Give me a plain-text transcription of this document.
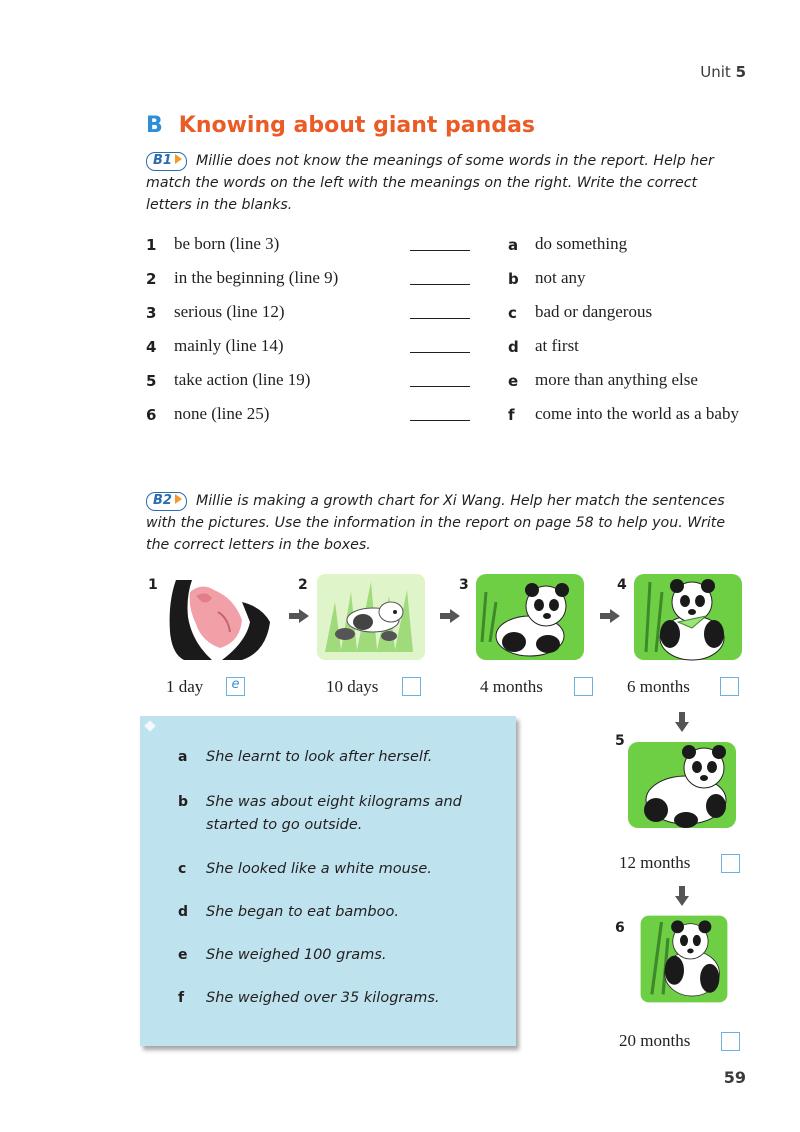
Unit 5
B Knowing about giant pandas
B1 Millie does not know the meanings of some words in the report. Help her match the words on the left with the meanings on the right. Write the correct letters in the blanks.
1 be born (line 3)	a do something
2 in the beginning (line 9)	b not any
3 serious (line 12)	c bad or dangerous
4 mainly (line 14)	d at first
5 take action (line 19)	e more than anything else
6 none (line 25)	f come into the world as a baby
B2 Millie is making a growth chart for Xi Wang. Help her match the sentences with the pictures. Use the information in the report on page 58 to help you. Write the correct letters in the boxes.
1	2	3	4
1 day	e	10 days	4 months	6 months
5
12 months
6
20 months
a She learnt to look after herself.
b She was about eight kilograms and started to go outside.
c She looked like a white mouse.
d She began to eat bamboo.
e She weighed 100 grams.
f She weighed over 35 kilograms.
59
